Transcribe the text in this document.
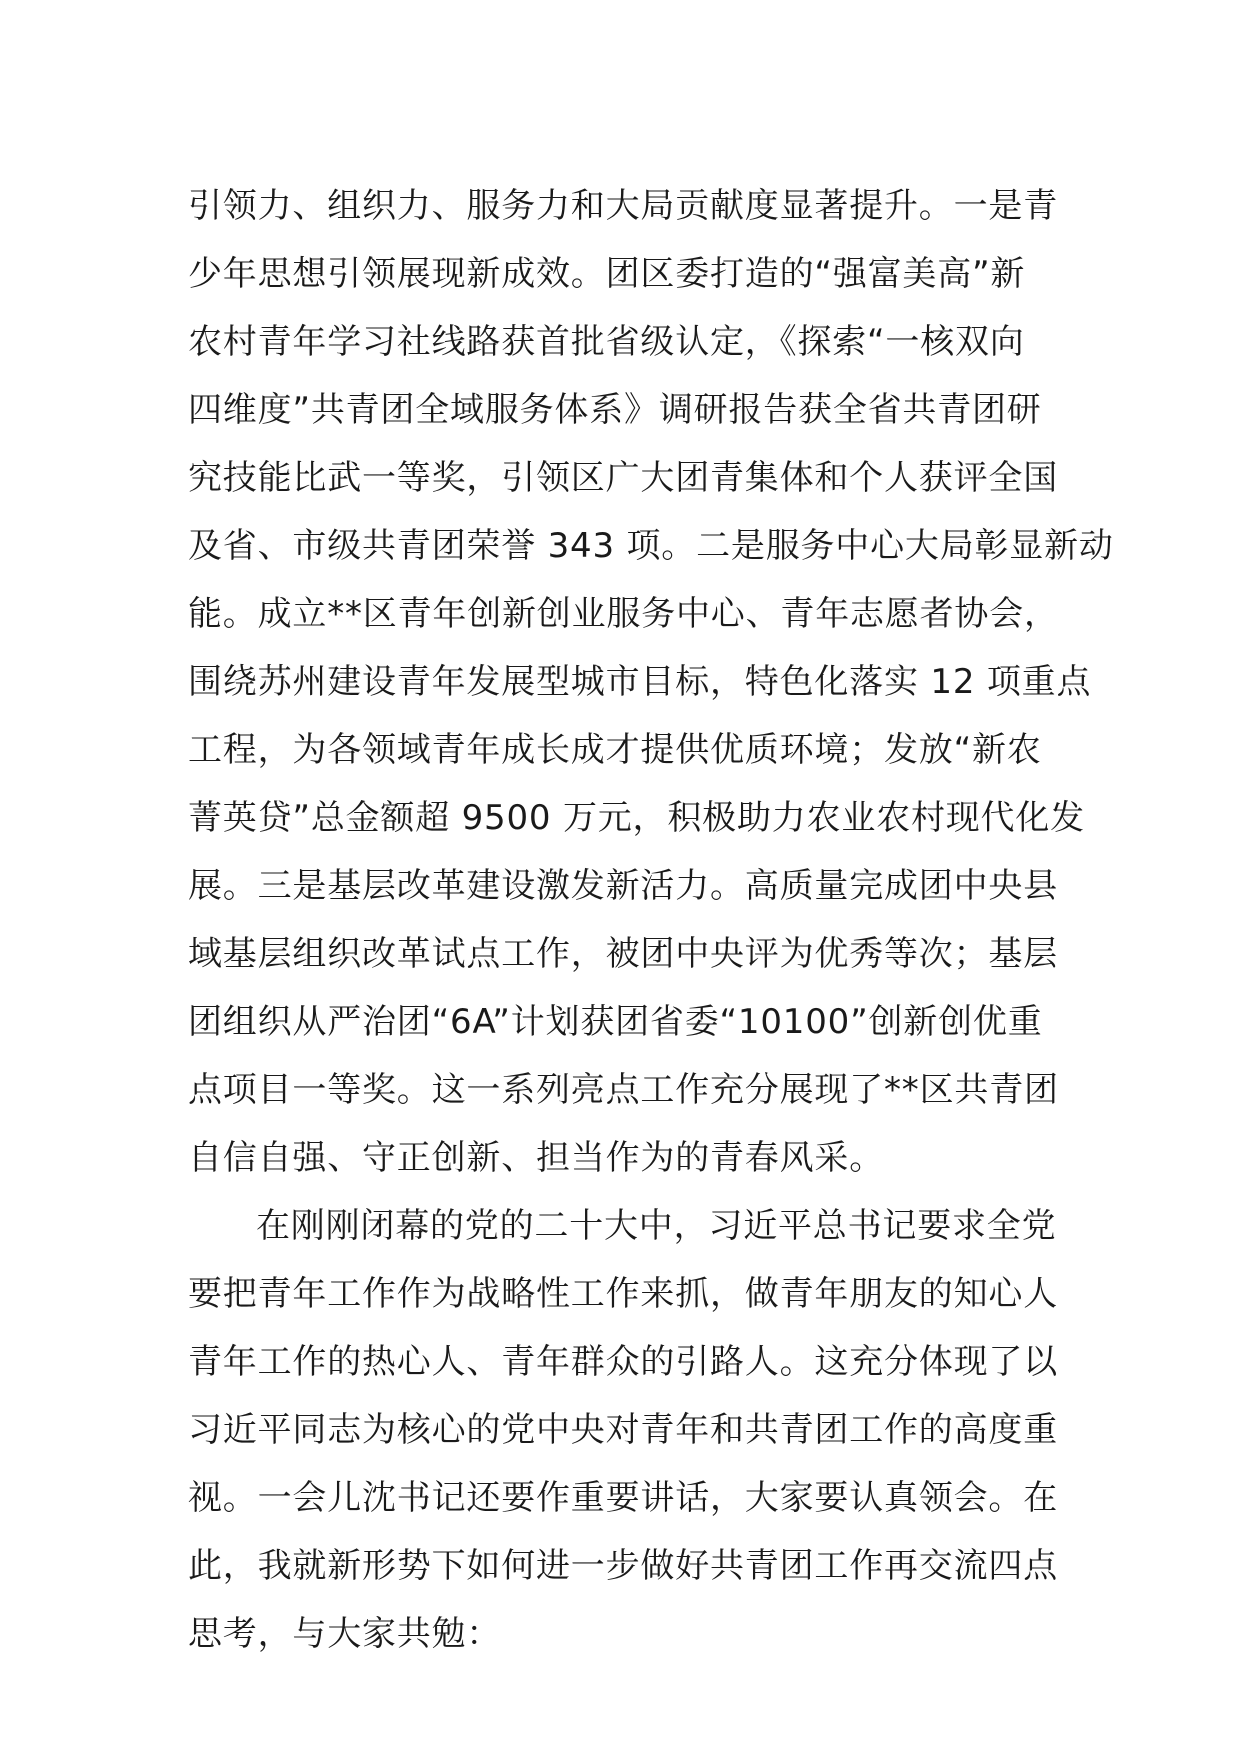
引领力、组织力、服务力和大局贡献度显著提升。一是青
少年思想引领展现新成效。团区委打造的“强富美高”新
农村青年学习社线路获首批省级认定，《探索“一核双向
四维度”共青团全域服务体系》调研报告获全省共青团研
究技能比武一等奖，引领区广大团青集体和个人获评全国
及省、市级共青团荣誉 343 项。二是服务中心大局彰显新动
能。成立**区青年创新创业服务中心、青年志愿者协会，
围绕苏州建设青年发展型城市目标，特色化落实 12 项重点
工程，为各领域青年成长成才提供优质环境；发放“新农
菁英贷”总金额超 9500 万元，积极助力农业农村现代化发
展。三是基层改革建设激发新活力。高质量完成团中央县
域基层组织改革试点工作，被团中央评为优秀等次；基层
团组织从严治团“6A”计划获团省委“10100”创新创优重
点项目一等奖。这一系列亮点工作充分展现了**区共青团
自信自强、守正创新、担当作为的青春风采。
在刚刚闭幕的党的二十大中，习近平总书记要求全党
要把青年工作作为战略性工作来抓，做青年朋友的知心人
青年工作的热心人、青年群众的引路人。这充分体现了以
习近平同志为核心的党中央对青年和共青团工作的高度重
视。一会儿沈书记还要作重要讲话，大家要认真领会。在
此，我就新形势下如何进一步做好共青团工作再交流四点
思考，与大家共勉：
